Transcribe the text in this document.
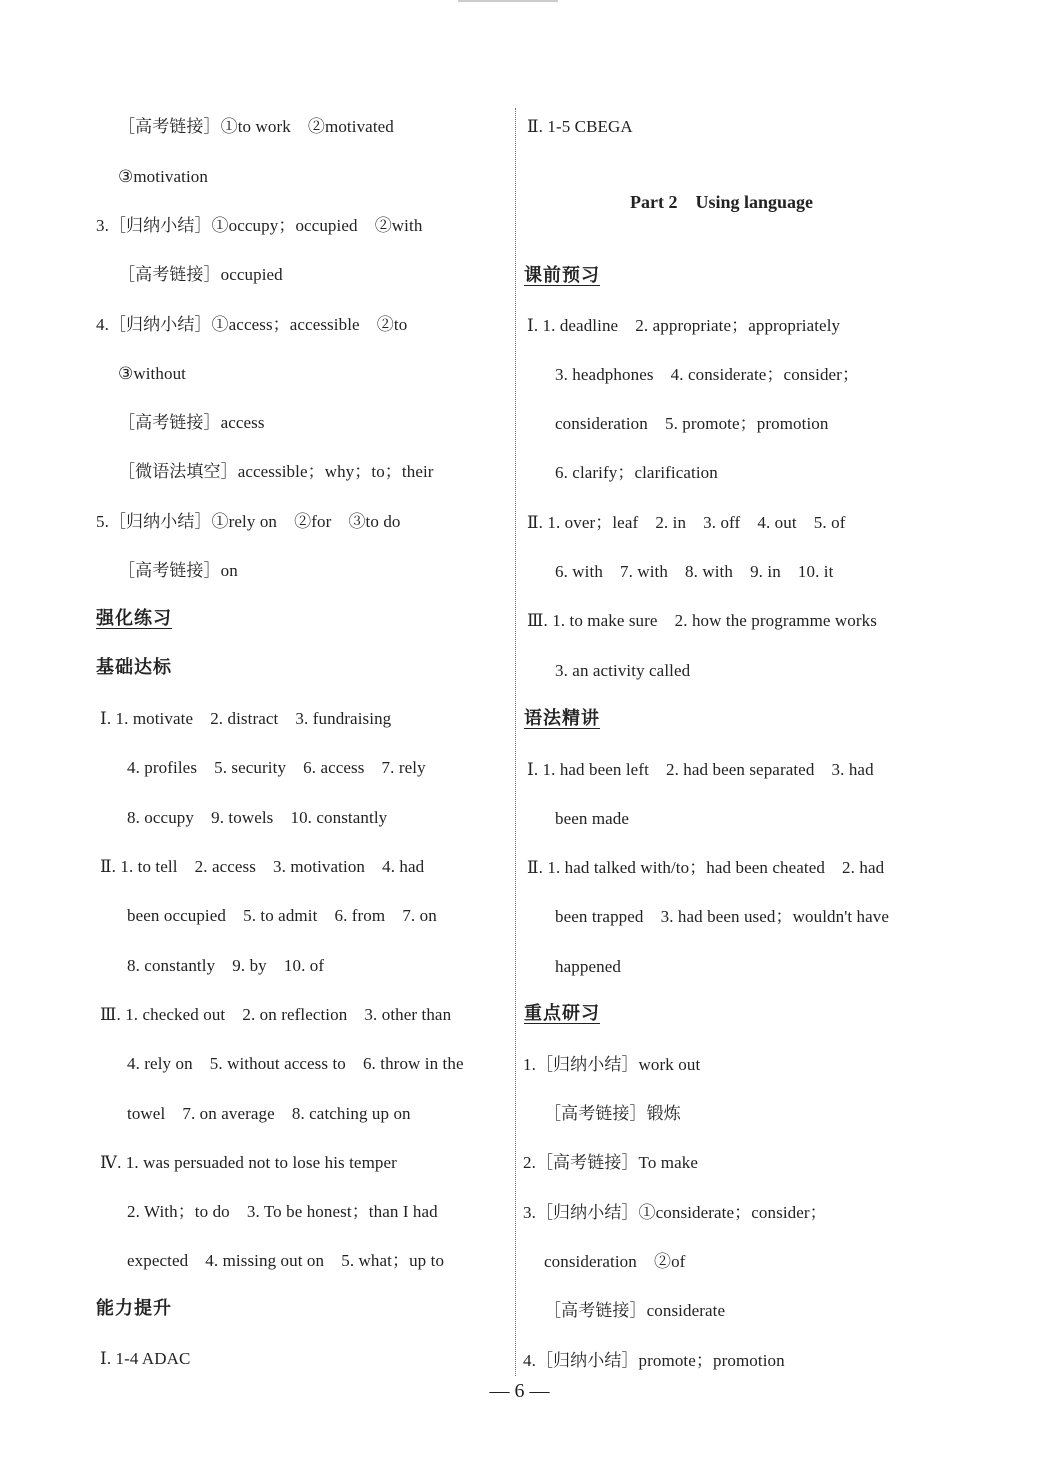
［高考链接］①to work　②motivated
③motivation
3.［归纳小结］①occupy；occupied　②with
［高考链接］occupied
4.［归纳小结］①access；accessible　②to
③without
［高考链接］access
［微语法填空］accessible；why；to；their
5.［归纳小结］①rely on　②for　③to do
［高考链接］on
强化练习
基础达标
Ⅰ. 1. motivate　2. distract　3. fundraising
4. profiles　5. security　6. access　7. rely
8. occupy　9. towels　10. constantly
Ⅱ. 1. to tell　2. access　3. motivation　4. had
been occupied　5. to admit　6. from　7. on
8. constantly　9. by　10. of
Ⅲ. 1. checked out　2. on reflection　3. other than
4. rely on　5. without access to　6. throw in the
towel　7. on average　8. catching up on
Ⅳ. 1. was persuaded not to lose his temper
2. With；to do　3. To be honest；than I had
expected　4. missing out on　5. what；up to
能力提升
Ⅰ. 1-4 ADAC
Ⅱ. 1-5 CBEGA
Part 2 Using language
课前预习
Ⅰ. 1. deadline　2. appropriate；appropriately
3. headphones　4. considerate；consider；
consideration　5. promote；promotion
6. clarify；clarification
Ⅱ. 1. over；leaf　2. in　3. off　4. out　5. of
6. with　7. with　8. with　9. in　10. it
Ⅲ. 1. to make sure　2. how the programme works
3. an activity called
语法精讲
Ⅰ. 1. had been left　2. had been separated　3. had
been made
Ⅱ. 1. had talked with/to；had been cheated　2. had
been trapped　3. had been used；wouldn't have
happened
重点研习
1.［归纳小结］work out
［高考链接］锻炼
2.［高考链接］To make
3.［归纳小结］①considerate；consider；
consideration　②of
［高考链接］considerate
4.［归纳小结］promote；promotion
— 6 —
